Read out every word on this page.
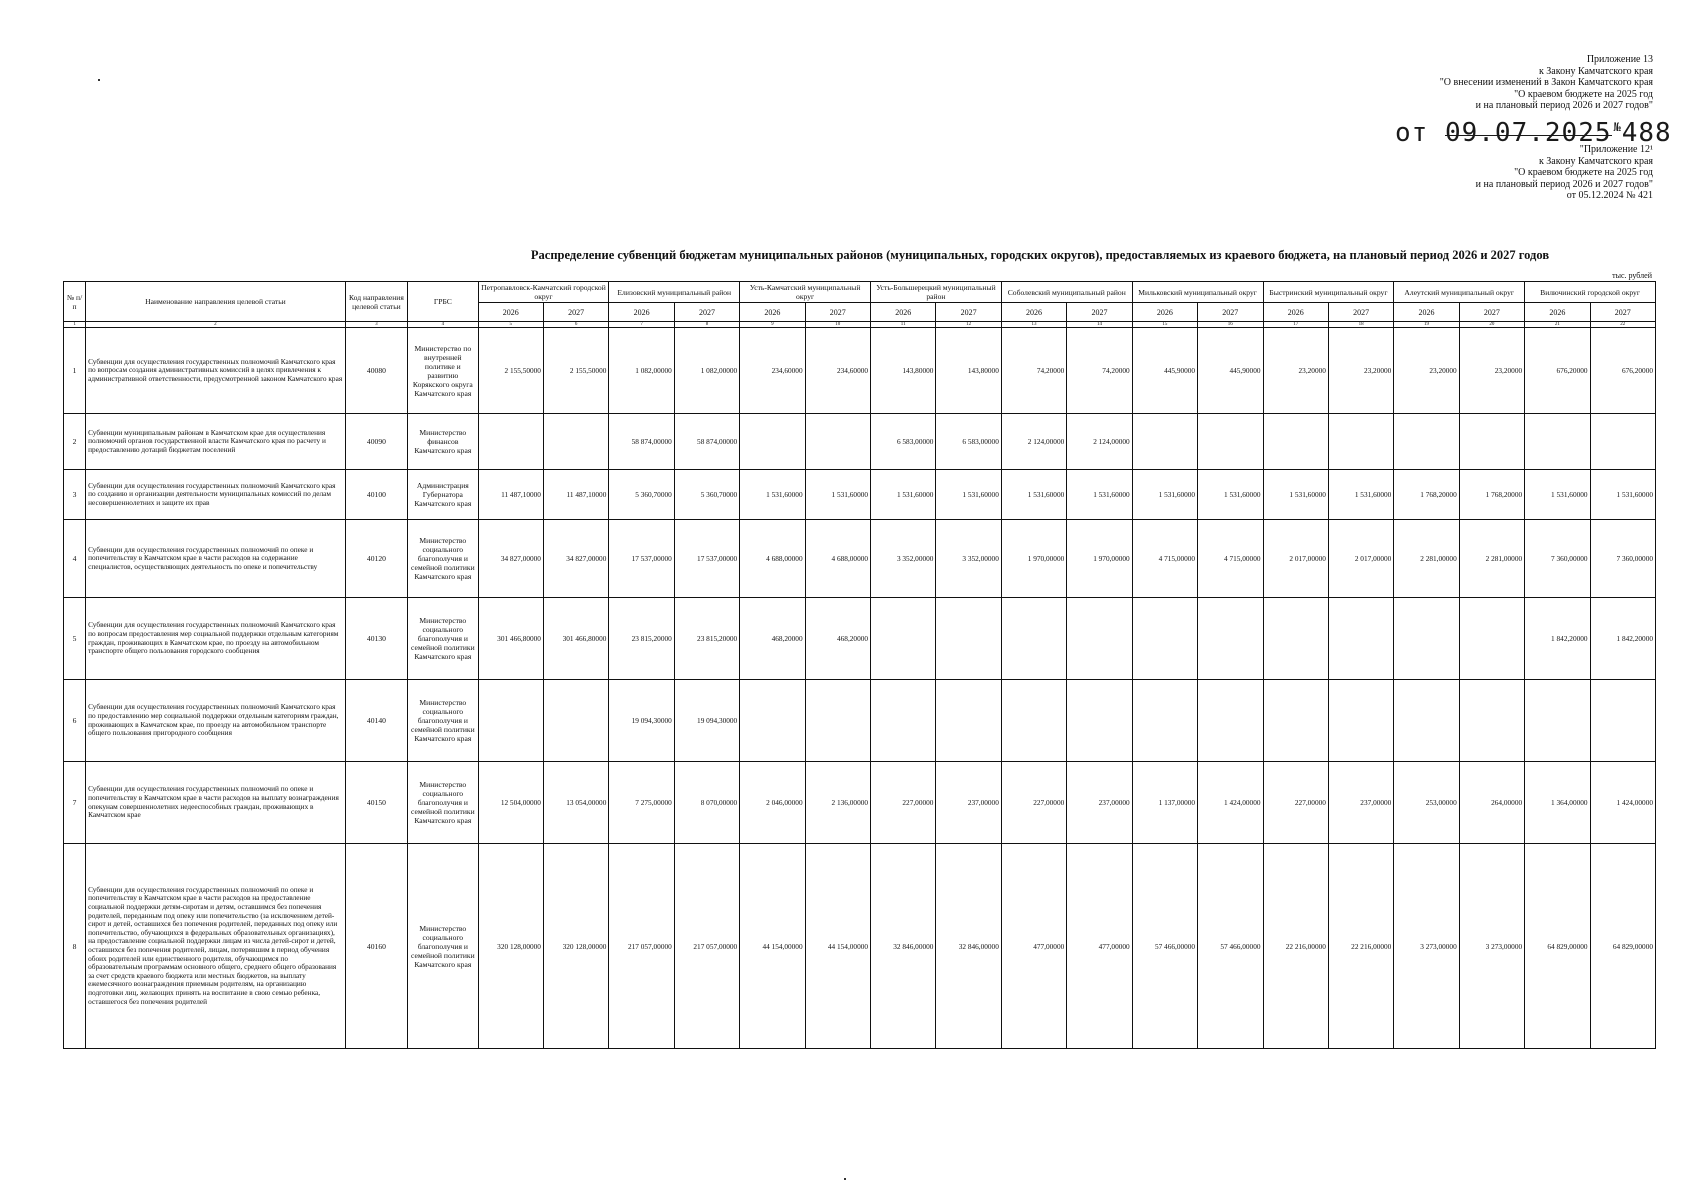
Приложение 13
к Закону Камчатского края
"О внесении изменений в Закон Камчатского края
"О краевом бюджете на 2025 год
и на плановый период 2026 и 2027 годов"
от 09.07.2025 №488
"Приложение 12¹
к Закону Камчатского края
"О краевом бюджете на 2025 год
и на плановый период 2026 и 2027 годов"
от 05.12.2024 № 421
Распределение субвенций бюджетам муниципальных районов (муниципальных, городских округов), предоставляемых из краевого бюджета, на плановый период 2026 и 2027 годов
тыс. рублей
№ п/п	Наименование направления целевой статьи	Код направления целевой статьи	ГРБС	Петропавловск-Камчатский городской округ		Елизовский муниципальный район		Усть-Камчатский муниципальный округ		Усть-Большерецкий муниципальный район		Соболевский муниципальный район		Мильковский муниципальный округ		Быстринский муниципальный округ		Алеутский муниципальный округ		Вилючинский городской округ	
				2026	2027	2026	2027	2026	2027	2026	2027	2026	2027	2026	2027	2026	2027	2026	2027	2026	2027
1	2	3	4	5	6	7	8	9	10	11	12	13	14	15	16	17	18	19	20	21	22
1	Субвенции для осуществления государственных полномочий Камчатского края по вопросам создания административных комиссий в целях привлечения к административной ответственности, предусмотренной законом Камчатского края	40080	Министерство по внутренней политике и развитию Корякского округа Камчатского края	2 155,50000	2 155,50000	1 082,00000	1 082,00000	234,60000	234,60000	143,80000	143,80000	74,20000	74,20000	445,90000	445,90000	23,20000	23,20000	23,20000	23,20000	676,20000	676,20000
2	Субвенции муниципальным районам в Камчатском крае для осуществления полномочий органов государственной власти Камчатского края по расчету и предоставлению дотаций бюджетам поселений	40090	Министерство финансов Камчатского края			58 874,00000	58 874,00000			6 583,00000	6 583,00000	2 124,00000	2 124,00000								
3	Субвенции для осуществления государственных полномочий Камчатского края по созданию и организации деятельности муниципальных комиссий по делам несовершеннолетних и защите их прав	40100	Администрация Губернатора Камчатского края	11 487,10000	11 487,10000	5 360,70000	5 360,70000	1 531,60000	1 531,60000	1 531,60000	1 531,60000	1 531,60000	1 531,60000	1 531,60000	1 531,60000	1 531,60000	1 531,60000	1 768,20000	1 768,20000	1 531,60000	1 531,60000
4	Субвенции для осуществления государственных полномочий по опеке и попечительству в Камчатском крае в части расходов на содержание специалистов, осуществляющих деятельность по опеке и попечительству	40120	Министерство социального благополучия и семейной политики Камчатского края	34 827,00000	34 827,00000	17 537,00000	17 537,00000	4 688,00000	4 688,00000	3 352,00000	3 352,00000	1 970,00000	1 970,00000	4 715,00000	4 715,00000	2 017,00000	2 017,00000	2 281,00000	2 281,00000	7 360,00000	7 360,00000
5	Субвенции для осуществления государственных полномочий Камчатского края по вопросам предоставления мер социальной поддержки отдельным категориям граждан, проживающих в Камчатском крае, по проезду на автомобильном транспорте общего пользования городского сообщения	40130	Министерство социального благополучия и семейной политики Камчатского края	301 466,80000	301 466,80000	23 815,20000	23 815,20000	468,20000	468,20000											1 842,20000	1 842,20000
6	Субвенции для осуществления государственных полномочий Камчатского края по предоставлению мер социальной поддержки отдельным категориям граждан, проживающих в Камчатском крае, по проезду на автомобильном транспорте общего пользования пригородного сообщения	40140	Министерство социального благополучия и семейной политики Камчатского края			19 094,30000	19 094,30000														
7	Субвенции для осуществления государственных полномочий по опеке и попечительству в Камчатском крае в части расходов на выплату вознаграждения опекунам совершеннолетних недееспособных граждан, проживающих в Камчатском крае	40150	Министерство социального благополучия и семейной политики Камчатского края	12 504,00000	13 054,00000	7 275,00000	8 070,00000	2 046,00000	2 136,00000	227,00000	237,00000	227,00000	237,00000	1 137,00000	1 424,00000	227,00000	237,00000	253,00000	264,00000	1 364,00000	1 424,00000
8	Субвенции для осуществления государственных полномочий по опеке и попечительству в Камчатском крае в части расходов на предоставление социальной поддержки детям-сиротам и детям, оставшимся без попечения родителей, переданным под опеку или попечительство (за исключением детей-сирот и детей, оставшихся без попечения родителей, переданных под опеку или попечительство, обучающихся в федеральных образовательных организациях), на предоставление социальной поддержки лицам из числа детей-сирот и детей, оставшихся без попечения родителей, лицам, потерявшим в период обучения обоих родителей или единственного родителя, обучающимся по образовательным программам основного общего, среднего общего образования за счет средств краевого бюджета или местных бюджетов, на выплату ежемесячного вознаграждения приемным родителям, на организацию подготовки лиц, желающих принять на воспитание в свою семью ребенка, оставшегося без попечения родителей	40160	Министерство социального благополучия и семейной политики Камчатского края	320 128,00000	320 128,00000	217 057,00000	217 057,00000	44 154,00000	44 154,00000	32 846,00000	32 846,00000	477,00000	477,00000	57 466,00000	57 466,00000	22 216,00000	22 216,00000	3 273,00000	3 273,00000	64 829,00000	64 829,00000
